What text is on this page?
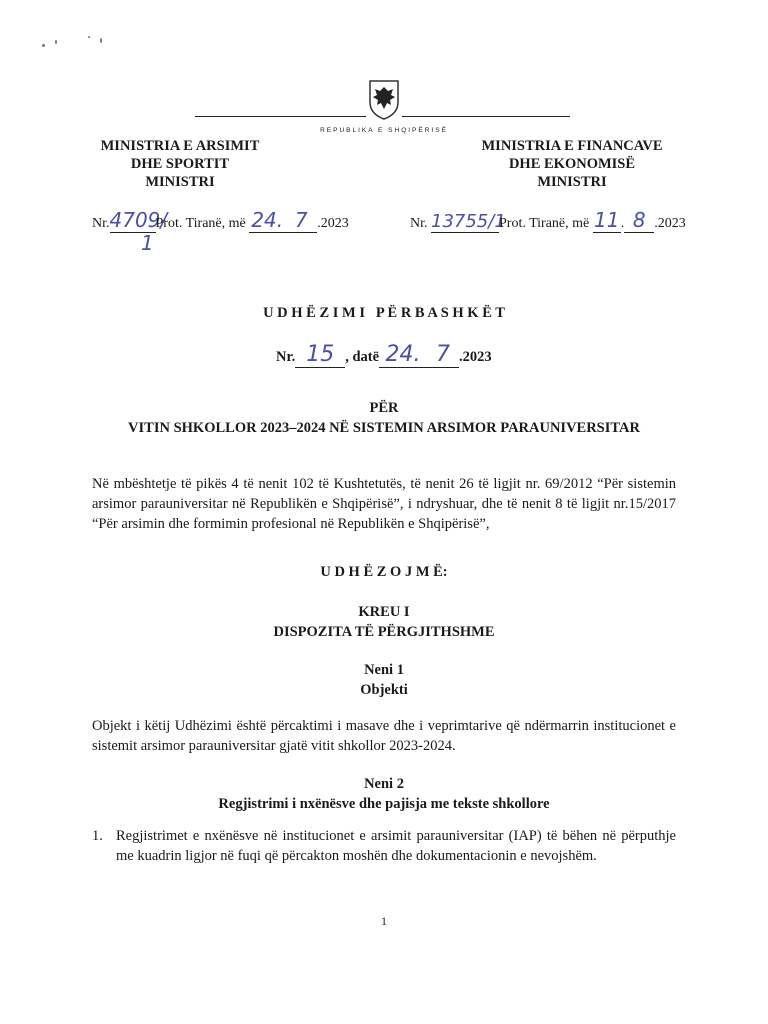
REPUBLIKA E SHQIPËRISË
MINISTRIA E ARSIMIT
DHE SPORTIT
MINISTRI
Nr.4709/Prot. Tiranë, më 24. 7 .2023
1
MINISTRIA E FINANCAVE
DHE EKONOMISË
MINISTRI
Nr. 13755/1Prot. Tiranë, më 11. 8 .2023
U D H Ë Z I M I   P Ë R B A S H K Ë T
Nr. 15 , datë 24. 7 .2023
PËR
VITIN SHKOLLOR 2023–2024 NË SISTEMIN ARSIMOR PARAUNIVERSITAR
Në mbështetje të pikës 4 të nenit 102 të Kushtetutës, të nenit 26 të ligjit nr. 69/2012 “Për sistemin arsimor parauniversitar në Republikën e Shqipërisë”, i ndryshuar, dhe të nenit 8 të ligjit nr.15/2017 “Për arsimin dhe formimin profesional në Republikën e Shqipërisë”,
U D H Ë Z O J M Ë:
KREU I
DISPOZITA TË PËRGJITHSHME
Neni 1
Objekti
Objekt i këtij Udhëzimi është përcaktimi i masave dhe i veprimtarive që ndërmarrin institucionet e sistemit arsimor parauniversitar gjatë vitit shkollor 2023-2024.
Neni 2
Regjistrimi i nxënësve dhe pajisja me tekste shkollore
1. Regjistrimet e nxënësve në institucionet e arsimit parauniversitar (IAP) të bëhen në përputhje me kuadrin ligjor në fuqi që përcakton moshën dhe dokumentacionin e nevojshëm.
1
